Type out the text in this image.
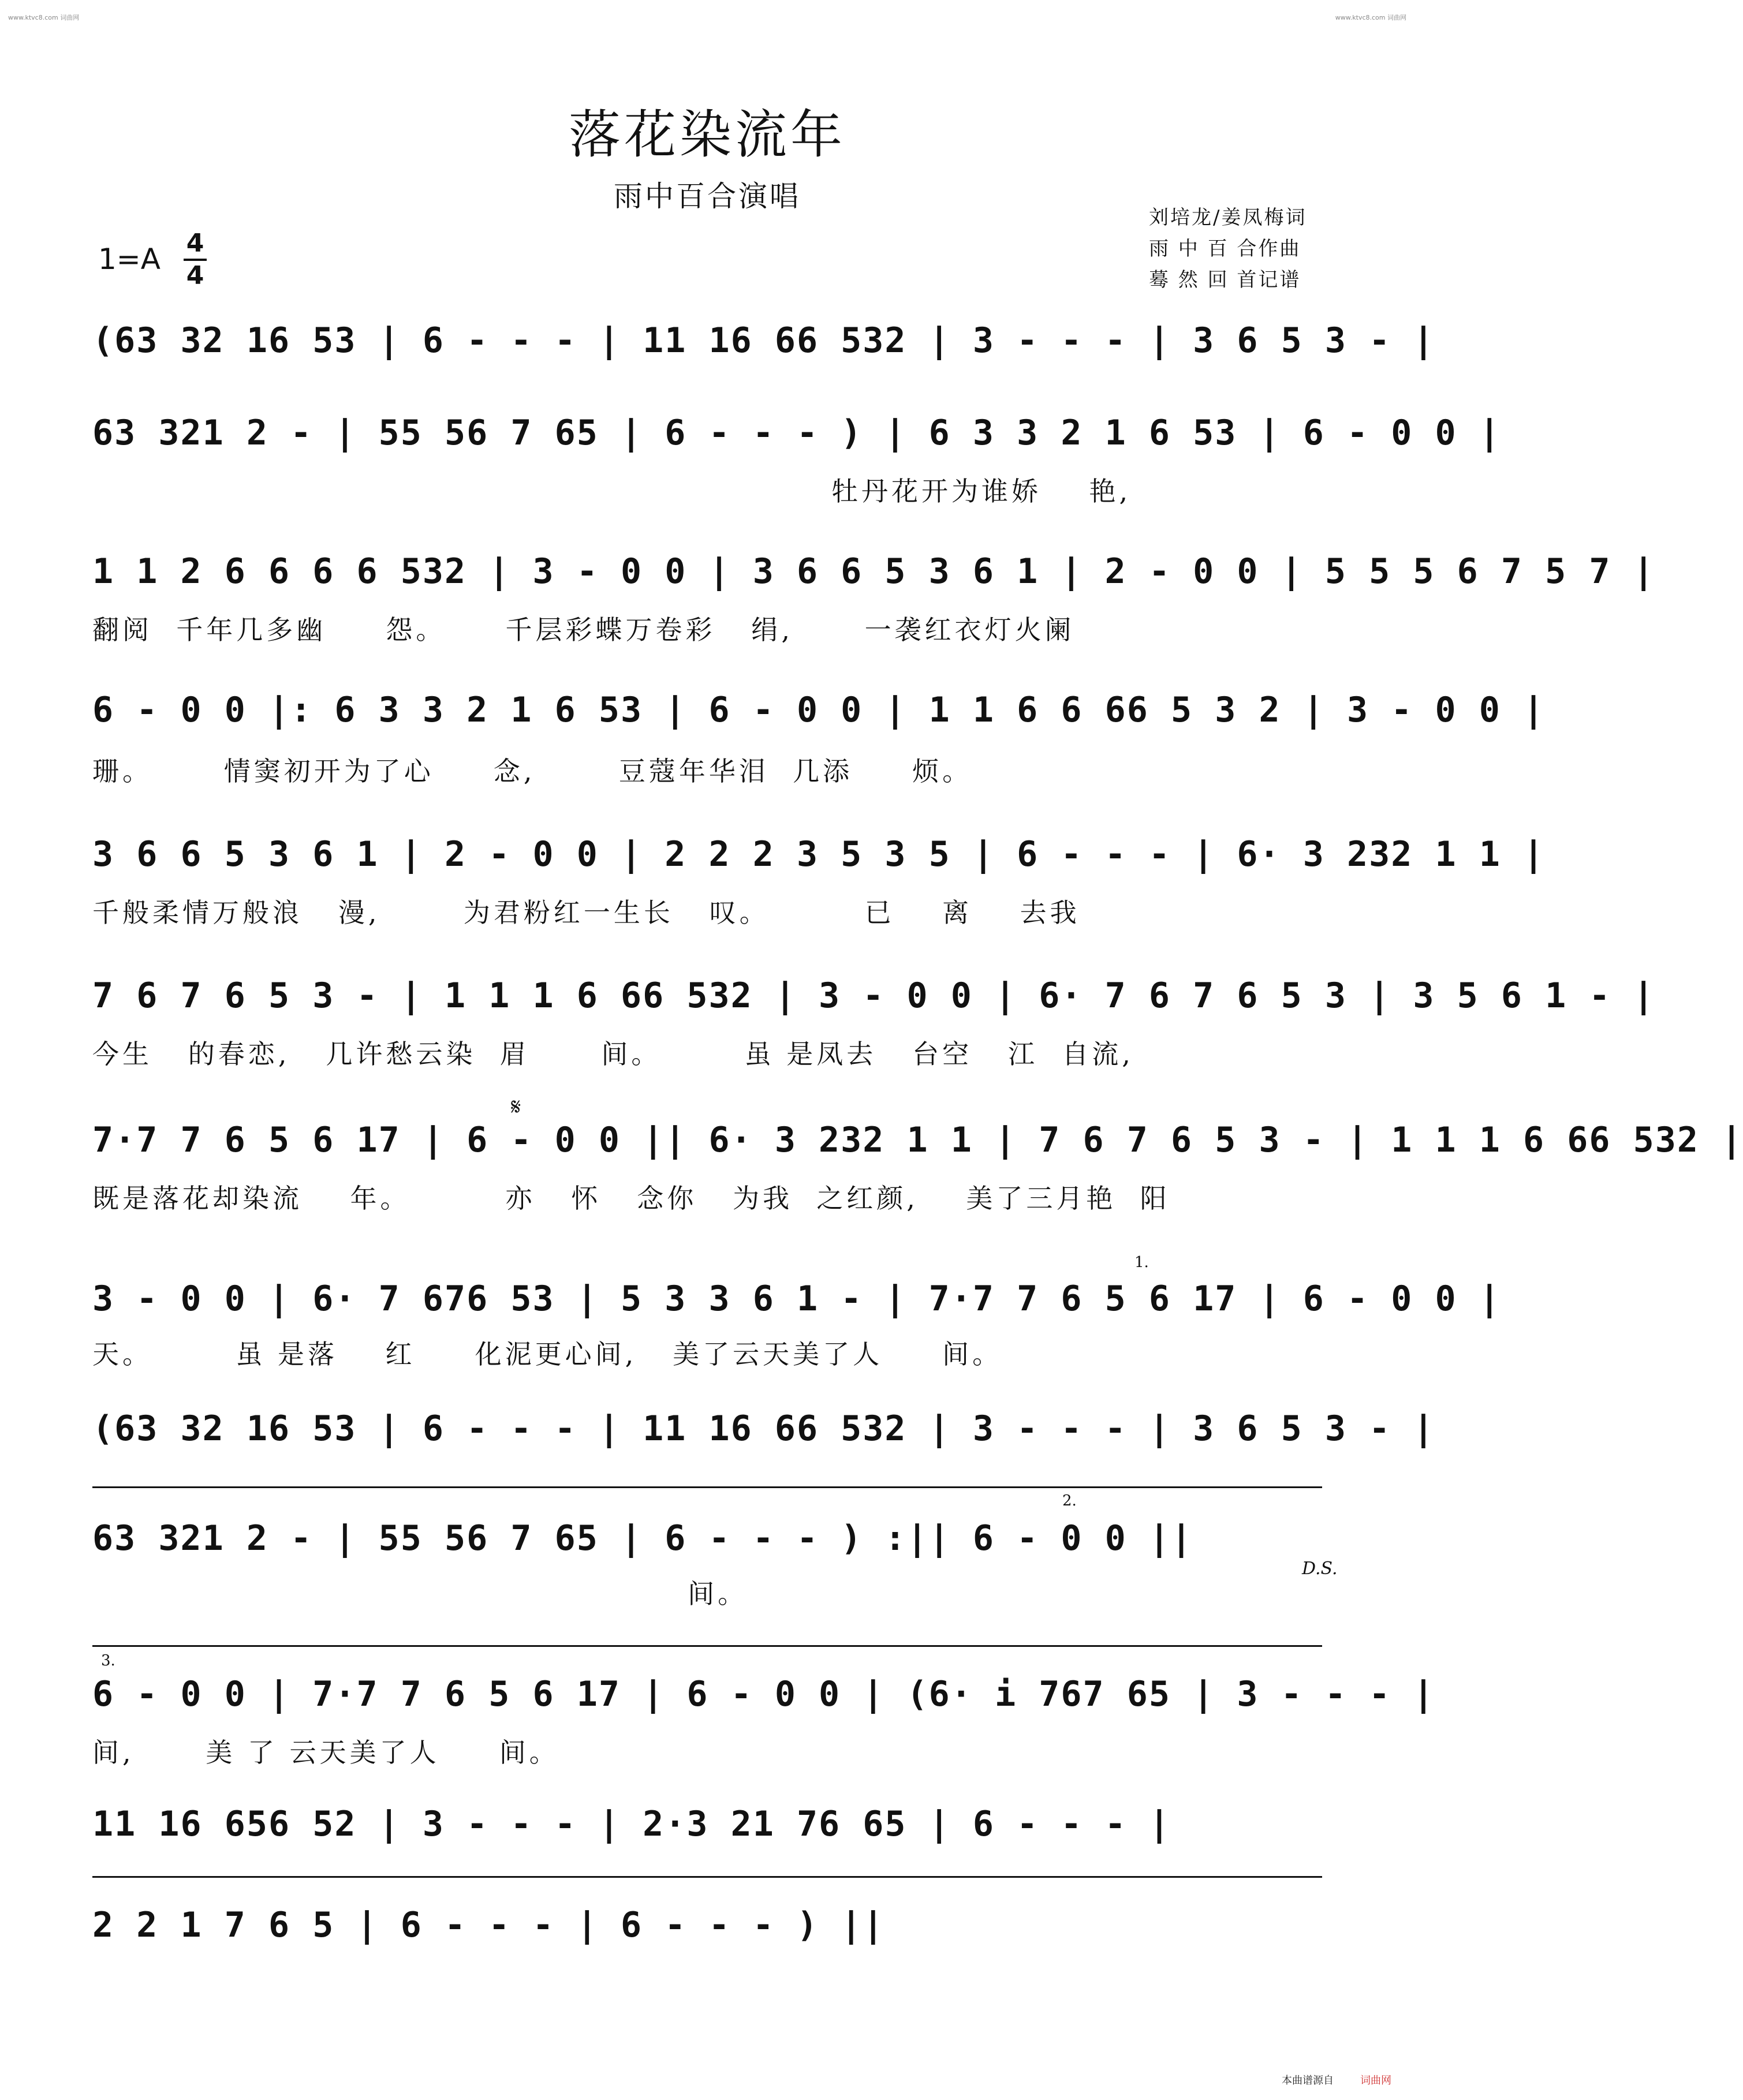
www.ktvc8.com 词曲网	www.ktvc8.com 词曲网
落花染流年
雨中百合演唱
刘培龙/姜凤梅词
雨 中 百 合作曲
蓦 然 回 首记谱
1=A 4
4
(63 32 16 53 | 6 - - - | 11 16 66 532 | 3 - - - | 3 6 5 3 - |
63 321 2 - | 55 56 7 65 | 6 - - - ) | 6 3 3 2 1 6 53 | 6 - 0 0 |
牡丹花开为谁娇    艳,
1 1 2 6 6 6 6 532 | 3 - 0 0 | 3 6 6 5 3 6 1 | 2 - 0 0 | 5 5 5 6 7 5 7 |
翻阅  千年几多幽     怨。     千层彩蝶万卷彩   绢,      一袭红衣灯火阑
6 - 0 0 |: 6 3 3 2 1 6 53 | 6 - 0 0 | 1 1 6 6 66 5 3 2 | 3 - 0 0 |
珊。      情窦初开为了心     念,       豆蔻年华泪  几添     烦。
3 6 6 5 3 6 1 | 2 - 0 0 | 2 2 2 3 5 3 5 | 6 - - - | 6· 3 232 1 1 |
千般柔情万般浪   漫,       为君粉红一生长   叹。        已    离    去我
7 6 7 6 5 3 - | 1 1 1 6 66 532 | 3 - 0 0 | 6· 7 6 7 6 5 3 | 3 5 6 1 - |
今生   的春恋,   几许愁云染  眉      间。       虽 是凤去   台空   江  自流,
𝄋
7·7 7 6 5 6 17 | 6 - 0 0 || 6· 3 232 1 1 | 7 6 7 6 5 3 - | 1 1 1 6 66 532 |
既是落花却染流    年。        亦   怀   念你   为我  之红颜,    美了三月艳  阳
1.
3 - 0 0 | 6· 7 676 53 | 5 3 3 6 1 - | 7·7 7 6 5 6 17 | 6 - 0 0 |
天。       虽 是落    红     化泥更心间,   美了云天美了人     间。
(63 32 16 53 | 6 - - - | 11 16 66 532 | 3 - - - | 3 6 5 3 - |
2.
63 321 2 - | 55 56 7 65 | 6 - - - ) :|| 6 - 0 0 ||
间。
D.S.
3.
6 - 0 0 | 7·7 7 6 5 6 17 | 6 - 0 0 | (6· i 767 65 | 3 - - - |
间,      美 了 云天美了人     间。
11 16 656 52 | 3 - - - | 2·3 21 76 65 | 6 - - - |
2 2 1 7 6 5 | 6 - - - | 6 - - - ) ||
本曲谱源自	词曲网
